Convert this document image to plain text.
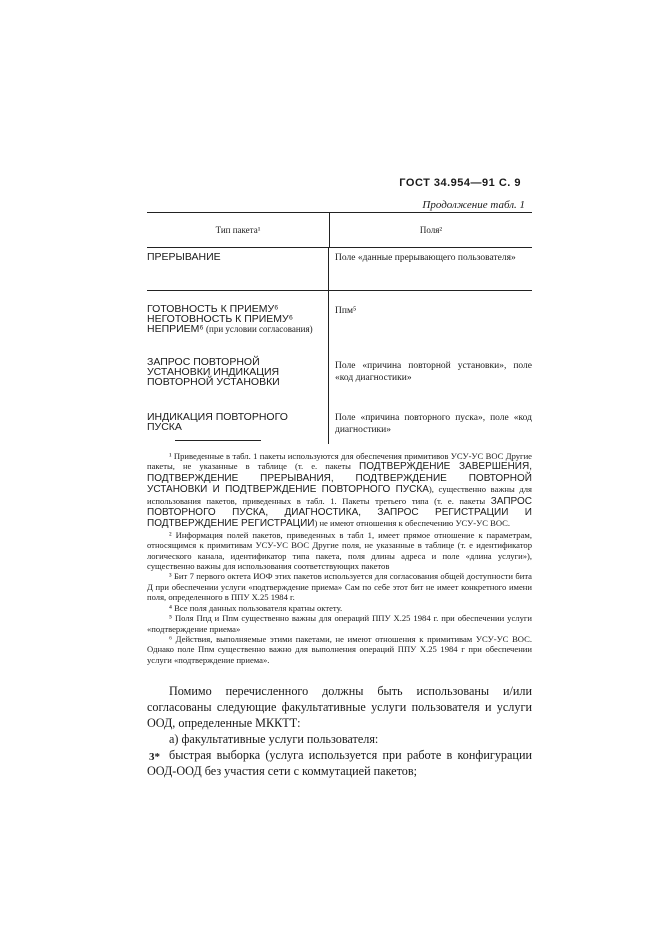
ГОСТ 34.954—91 С. 9
Продолжение табл. 1
Тип пакета¹	Поля²
ПРЕРЫВАНИЕ	Поле «данные прерывающего пользователя»
ГОТОВНОСТЬ К ПРИЕМУ⁶
НЕГОТОВНОСТЬ К ПРИЕМУ⁶
НЕПРИЕМ⁶ (при условии согласования)
Ппм⁵
ЗАПРОС ПОВТОРНОЙ УСТАНОВКИ ИНДИКАЦИЯ ПОВТОРНОЙ УСТАНОВКИ
Поле «причина повторной установки», поле «код диагностики»
ИНДИКАЦИЯ ПОВТОРНОГО ПУСКА
Поле «причина повторного пуска», поле «код диагностики»

¹ Приведенные в табл. 1 пакеты используются для обеспечения примитивов УСУ-УС ВОС Другие пакеты, не указанные в таблице (т. е. пакеты ПОДТВЕРЖДЕНИЕ ЗАВЕРШЕНИЯ, ПОДТВЕРЖДЕНИЕ ПРЕРЫВАНИЯ, ПОДТВЕРЖДЕНИЕ ПОВТОРНОЙ УСТАНОВКИ И ПОДТВЕРЖДЕНИЕ ПОВТОРНОГО ПУСКА), существенно важны для использования пакетов, приведенных в табл. 1. Пакеты третьего типа (т. е. пакеты ЗАПРОС ПОВТОРНОГО ПУСКА, ДИАГНОСТИКА, ЗАПРОС РЕГИСТРАЦИИ И ПОДТВЕРЖДЕНИЕ РЕГИСТРАЦИИ) не имеют отношения к обеспечению УСУ-УС ВОС.

² Информация полей пакетов, приведенных в табл 1, имеет прямое отношение к параметрам, относящимся к примитивам УСУ-УС ВОС Другие поля, не указанные в таблице (т. е идентификатор логического канала, идентификатор типа пакета, поля длины адреса и поле «длина услуги»), существенно важны для использования соответствующих пакетов

³ Бит 7 первого октета ИОФ этих пакетов используется для согласования общей доступности бита Д при обеспечении услуги «подтверждение приема» Сам по себе этот бит не имеет конкретного имени поля, определенного в ППУ Х.25 1984 г.

⁴ Все поля данных пользователя кратны октету.

⁵ Поля Ппд и Ппм существенно важны для операций ППУ Х.25 1984 г. при обеспечении услуги «подтверждение приема»

⁶ Действия, выполняемые этими пакетами, не имеют отношения к примитивам УСУ-УС ВОС. Однако поле Ппм существенно важно для выполнения операций ППУ Х.25 1984 г при обеспечении услуги «подтверждение приема».

Помимо перечисленного должны быть использованы и/или согласованы следующие факультативные услуги пользователя и услуги ООД, определенные МККТТ:

а) факультативные услуги пользователя:

быстрая выборка (услуга используется при работе в конфигурации ООД-ООД без участия сети с коммутацией пакетов;

3*
